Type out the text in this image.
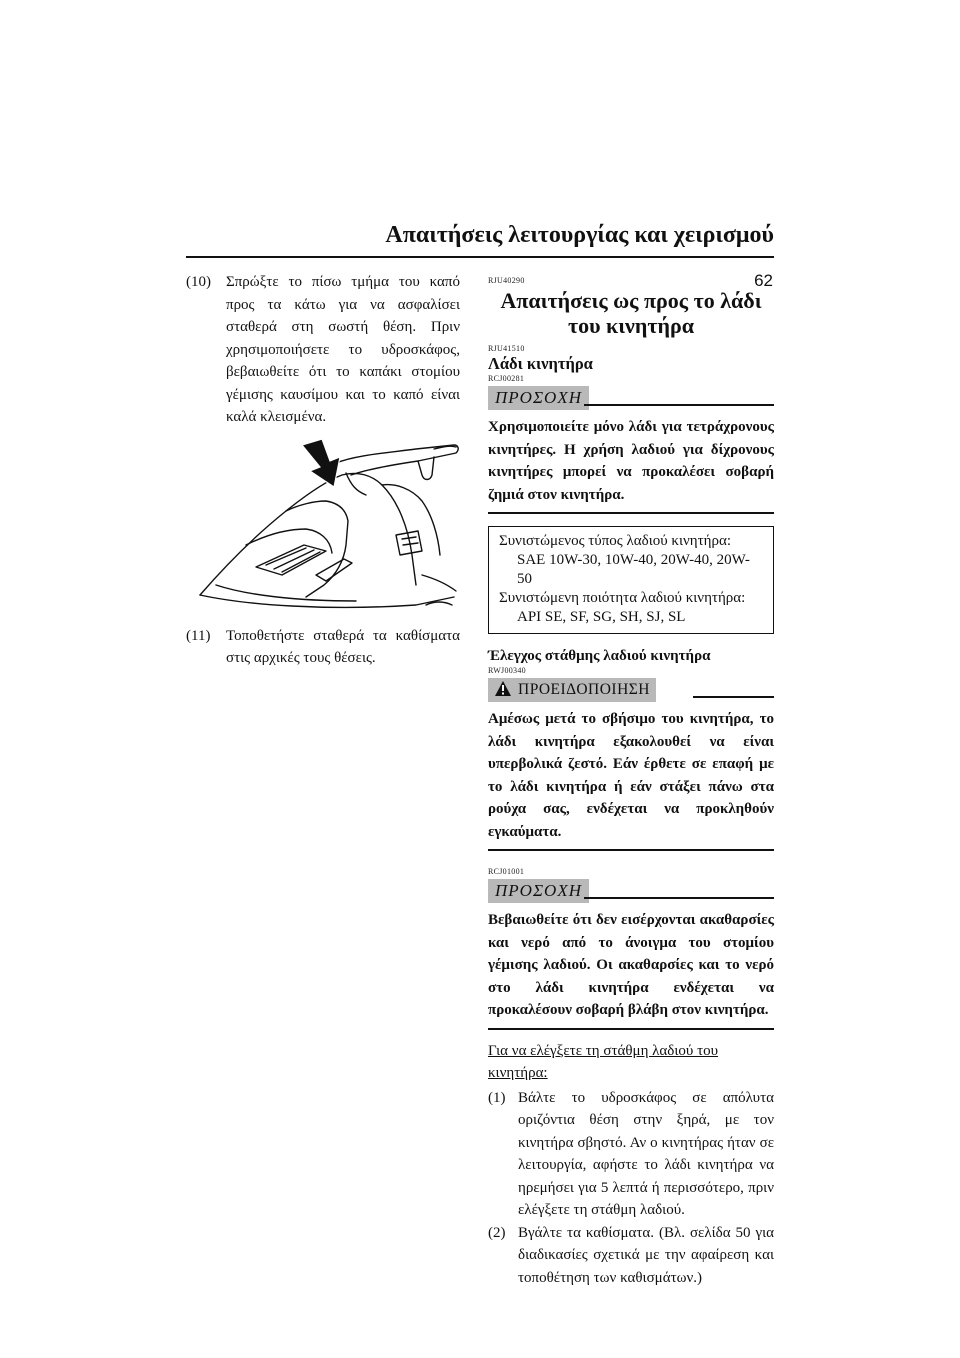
Απαιτήσεις λειτουργίας και χειρισμού
62
(10) Σπρώξτε το πίσω τμήμα του καπό προς τα κάτω για να ασφαλίσει σταθερά στη σωστή θέση. Πριν χρησιμοποιήσετε το υδροσκάφος, βεβαιωθείτε ότι το καπάκι στομίου γέμισης καυσίμου και το καπό είναι καλά κλεισμένα.
(11) Τοποθετήστε σταθερά τα καθίσματα στις αρχικές τους θέσεις.
RJU40290
Απαιτήσεις ως προς το λάδι του κινητήρα
RJU41510
Λάδι κινητήρα
RCJ00281
ΠΡΟΣΟΧΗ
Χρησιμοποιείτε μόνο λάδι για τετράχρονους κινητήρες. Η χρήση λαδιού για δίχρονους κινητήρες μπορεί να προκαλέσει σοβαρή ζημιά στον κινητήρα.
Συνιστώμενος τύπος λαδιού κινητήρα:
SAE 10W-30, 10W-40, 20W-40, 20W-50
Συνιστώμενη ποιότητα λαδιού κινητήρα:
API SE, SF, SG, SH, SJ, SL
Έλεγχος στάθμης λαδιού κινητήρα
RWJ00340
ΠΡΟΕΙΔΟΠΟΙΗΣΗ
Αμέσως μετά το σβήσιμο του κινητήρα, το λάδι κινητήρα εξακολουθεί να είναι υπερβολικά ζεστό. Εάν έρθετε σε επαφή με το λάδι κινητήρα ή εάν στάξει πάνω στα ρούχα σας, ενδέχεται να προκληθούν εγκαύματα.
RCJ01001
ΠΡΟΣΟΧΗ
Βεβαιωθείτε ότι δεν εισέρχονται ακαθαρσίες και νερό από το άνοιγμα του στομίου γέμισης λαδιού. Οι ακαθαρσίες και το νερό στο λάδι κινητήρα ενδέχεται να προκαλέσουν σοβαρή βλάβη στον κινητήρα.
Για να ελέγξετε τη στάθμη λαδιού του κινητήρα:
(1) Βάλτε το υδροσκάφος σε απόλυτα οριζόντια θέση στην ξηρά, με τον κινητήρα σβηστό. Αν ο κινητήρας ήταν σε λειτουργία, αφήστε το λάδι κινητήρα να ηρεμήσει για 5 λεπτά ή περισσότερο, πριν ελέγξετε τη στάθμη λαδιού.
(2) Βγάλτε τα καθίσματα. (Βλ. σελίδα 50 για διαδικασίες σχετικά με την αφαίρεση και τοποθέτηση των καθισμάτων.)
